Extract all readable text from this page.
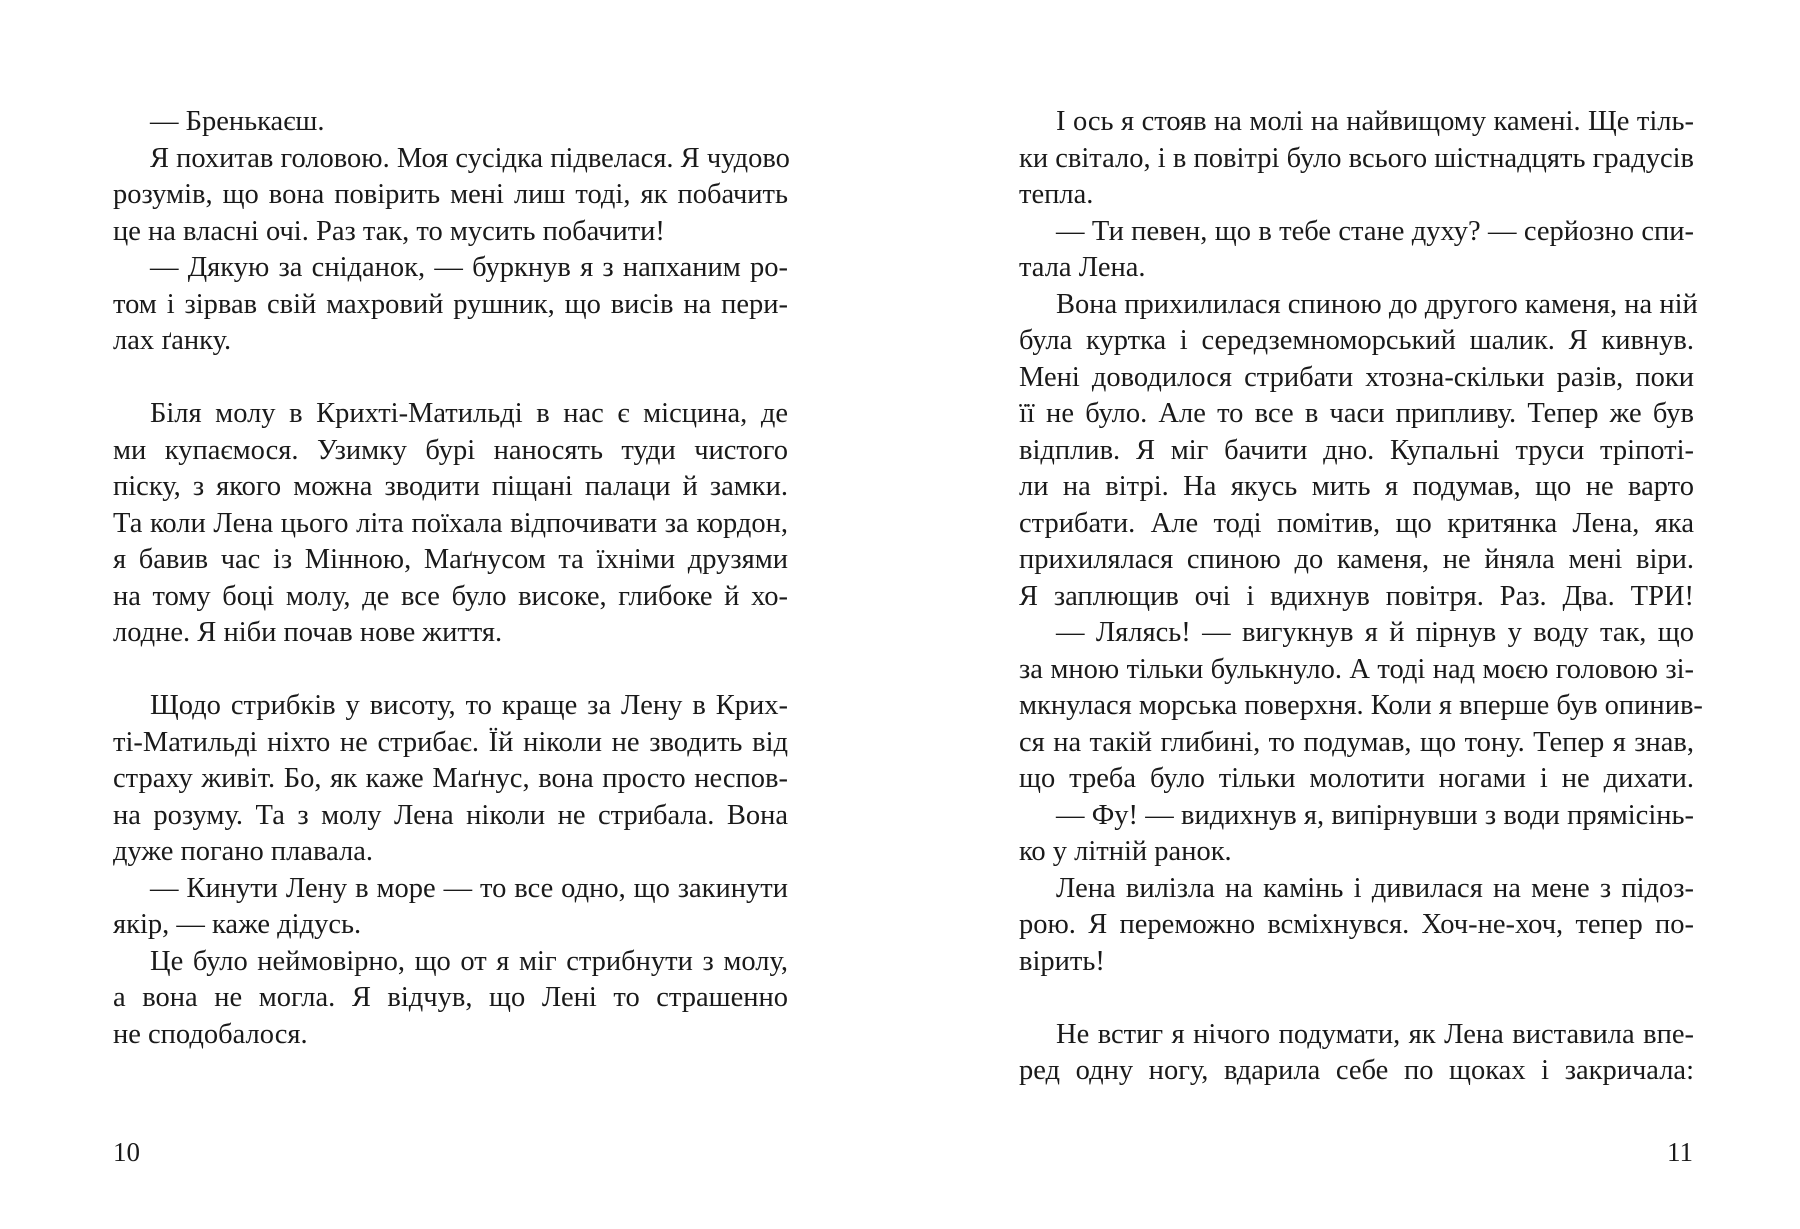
— Бренькаєш.
Я похитав головою. Моя сусідка підвелася. Я чудово
розумів, що вона повірить мені лиш тоді, як побачить
це на власні очі. Раз так, то мусить побачити!
— Дякую за сніданок, — буркнув я з напханим ро-
том і зірвав свій махровий рушник, що висів на пери-
лах ґанку.
Біля молу в Крихті-Матильді в нас є місцина, де
ми купаємося. Узимку бурі наносять туди чистого
піску, з якого можна зводити піщані палаци й замки.
Та коли Лена цього літа поїхала відпочивати за кордон,
я бавив час із Мінною, Маґнусом та їхніми друзями
на тому боці молу, де все було високе, глибоке й хо-
лодне. Я ніби почав нове життя.
Щодо стрибків у висоту, то краще за Лену в Крих-
ті-Матильді ніхто не стрибає. Їй ніколи не зводить від
страху живіт. Бо, як каже Маґнус, вона просто неспов-
на розуму. Та з молу Лена ніколи не стрибала. Вона
дуже погано плавала.
— Кинути Лену в море — то все одно, що закинути
якір, — каже дідусь.
Це було неймовірно, що от я міг стрибнути з молу,
а вона не могла. Я відчув, що Лені то страшенно
не сподобалося.
10
І ось я стояв на молі на найвищому камені. Ще тіль-
ки світало, і в повітрі було всього шістнадцять градусів
тепла.
— Ти певен, що в тебе стане духу? — серйозно спи-
тала Лена.
Вона прихилилася спиною до другого каменя, на ній
була куртка і середземноморський шалик. Я кивнув.
Мені доводилося стрибати хтозна-скільки разів, поки
її не було. Але то все в часи припливу. Тепер же був
відплив. Я міг бачити дно. Купальні труси тріпоті-
ли на вітрі. На якусь мить я подумав, що не варто
стрибати. Але тоді помітив, що критянка Лена, яка
прихилялася спиною до каменя, не йняла мені віри.
Я заплющив очі і вдихнув повітря. Раз. Два. ТРИ!
— Лялясь! — вигукнув я й пірнув у воду так, що
за мною тільки булькнуло. А тоді над моєю головою зі-
мкнулася морська поверхня. Коли я вперше був опинив-
ся на такій глибині, то подумав, що тону. Тепер я знав,
що треба було тільки молотити ногами і не дихати.
— Фу! — видихнув я, випірнувши з води прямісінь-
ко у літній ранок.
Лена вилізла на камінь і дивилася на мене з підоз-
рою. Я переможно всміхнувся. Хоч-не-хоч, тепер по-
вірить!
Не встиг я нічого подумати, як Лена виставила впе-
ред одну ногу, вдарила себе по щоках і закричала:
11
